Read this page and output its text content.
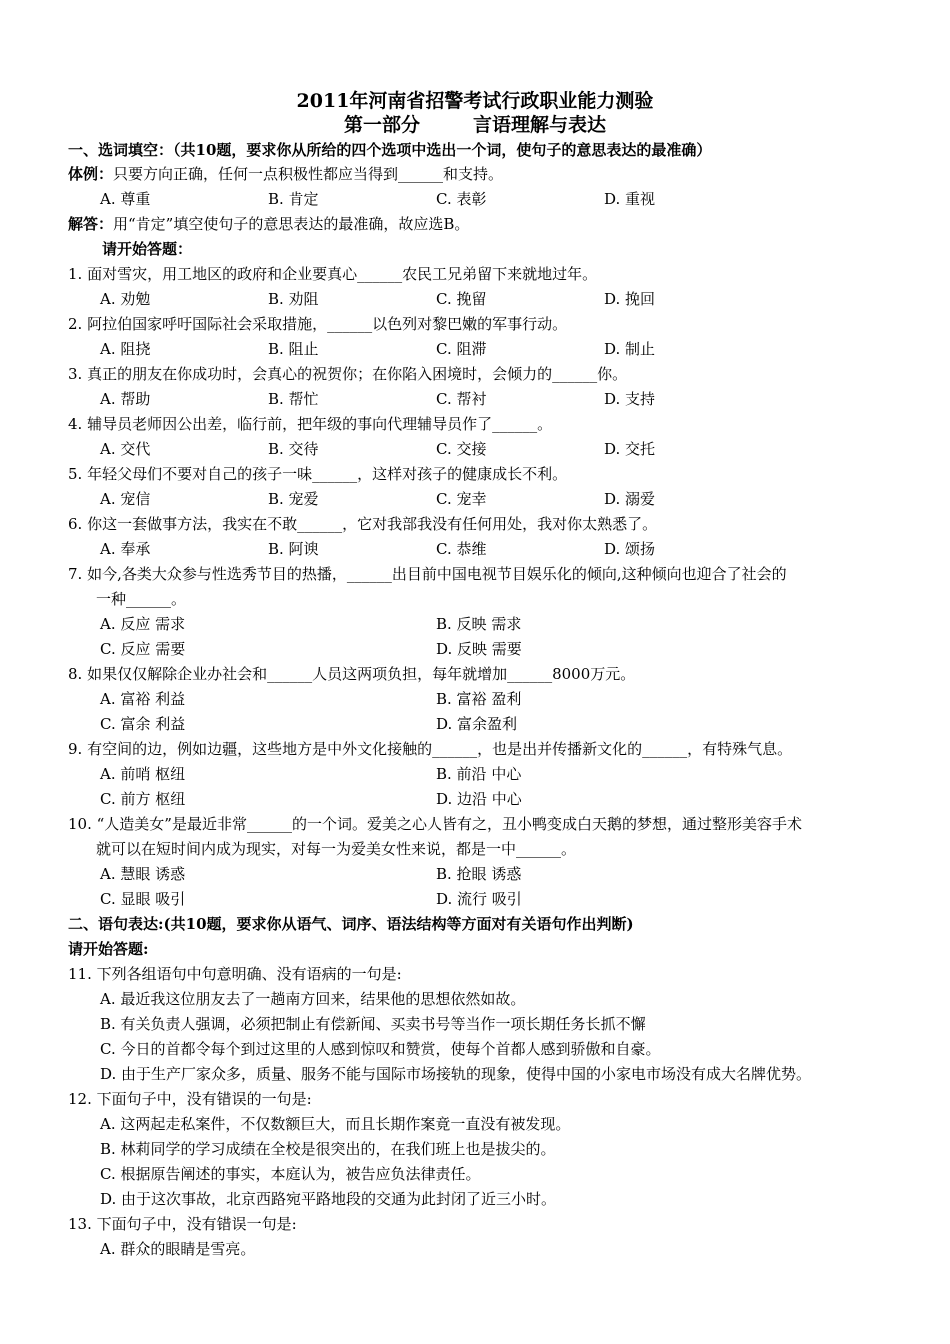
2011年河南省招警考试行政职业能力测验
第一部分        言语理解与表达
一、选词填空：（共10题，要求你从所给的四个选项中选出一个词，使句子的意思表达的最准确）
体例：只要方向正确，任何一点积极性都应当得到______和支持。
A. 尊重	B. 肯定	C. 表彰	D. 重视
解答：用“肯定”填空使句子的意思表达的最准确，故应选B。
请开始答题：
1. 面对雪灾，用工地区的政府和企业要真心______农民工兄弟留下来就地过年。
A. 劝勉	B. 劝阻	C. 挽留	D. 挽回
2. 阿拉伯国家呼吁国际社会采取措施，______以色列对黎巴嫩的军事行动。
A. 阻挠	B. 阻止	C. 阻滞	D. 制止
3. 真正的朋友在你成功时，会真心的祝贺你；在你陷入困境时，会倾力的______你。
A. 帮助	B. 帮忙	C. 帮衬	D. 支持
4. 辅导员老师因公出差，临行前，把年级的事向代理辅导员作了______。
A. 交代	B. 交待	C. 交接	D. 交托
5. 年轻父母们不要对自己的孩子一味______，这样对孩子的健康成长不利。
A. 宠信	B. 宠爱	C. 宠幸	D. 溺爱
6. 你这一套做事方法，我实在不敢______，它对我部我没有任何用处，我对你太熟悉了。
A. 奉承	B. 阿谀	C. 恭维	D. 颂扬
7. 如今,各类大众参与性选秀节目的热播，______出目前中国电视节目娱乐化的倾向,这种倾向也迎合了社会的
一种______。
A. 反应 需求	B. 反映 需求
C. 反应 需要	D. 反映 需要
8. 如果仅仅解除企业办社会和______人员这两项负担，每年就增加______8000万元。
A. 富裕 利益	B. 富裕 盈利
C. 富余 利益	D. 富余盈利
9. 有空间的边，例如边疆，这些地方是中外文化接触的______，也是出并传播新文化的______，有特殊气息。
A. 前哨 枢纽	B. 前沿 中心
C. 前方 枢纽	D. 边沿 中心
10. “人造美女”是最近非常______的一个词。爱美之心人皆有之，丑小鸭变成白天鹅的梦想，通过整形美容手术
就可以在短时间内成为现实，对每一为爱美女性来说，都是一中______。
A. 慧眼 诱惑	B. 抢眼 诱惑
C. 显眼 吸引	D. 流行 吸引
二、语句表达:(共10题，要求你从语气、词序、语法结构等方面对有关语句作出判断)
请开始答题:
11. 下列各组语句中句意明确、没有语病的一句是:
A. 最近我这位朋友去了一趟南方回来，结果他的思想依然如故。
B. 有关负责人强调，必须把制止有偿新闻、买卖书号等当作一项长期任务长抓不懈
C. 今日的首都令每个到过这里的人感到惊叹和赞赏，使每个首都人感到骄傲和自豪。
D. 由于生产厂家众多，质量、服务不能与国际市场接轨的现象，使得中国的小家电市场没有成大名牌优势。
12. 下面句子中，没有错误的一句是:
A. 这两起走私案件，不仅数额巨大，而且长期作案竟一直没有被发现。
B. 林莉同学的学习成绩在全校是很突出的，在我们班上也是拔尖的。
C. 根据原告阐述的事实，本庭认为，被告应负法律责任。
D. 由于这次事故，北京西路宛平路地段的交通为此封闭了近三小时。
13. 下面句子中，没有错误一句是:
A. 群众的眼睛是雪亮。
